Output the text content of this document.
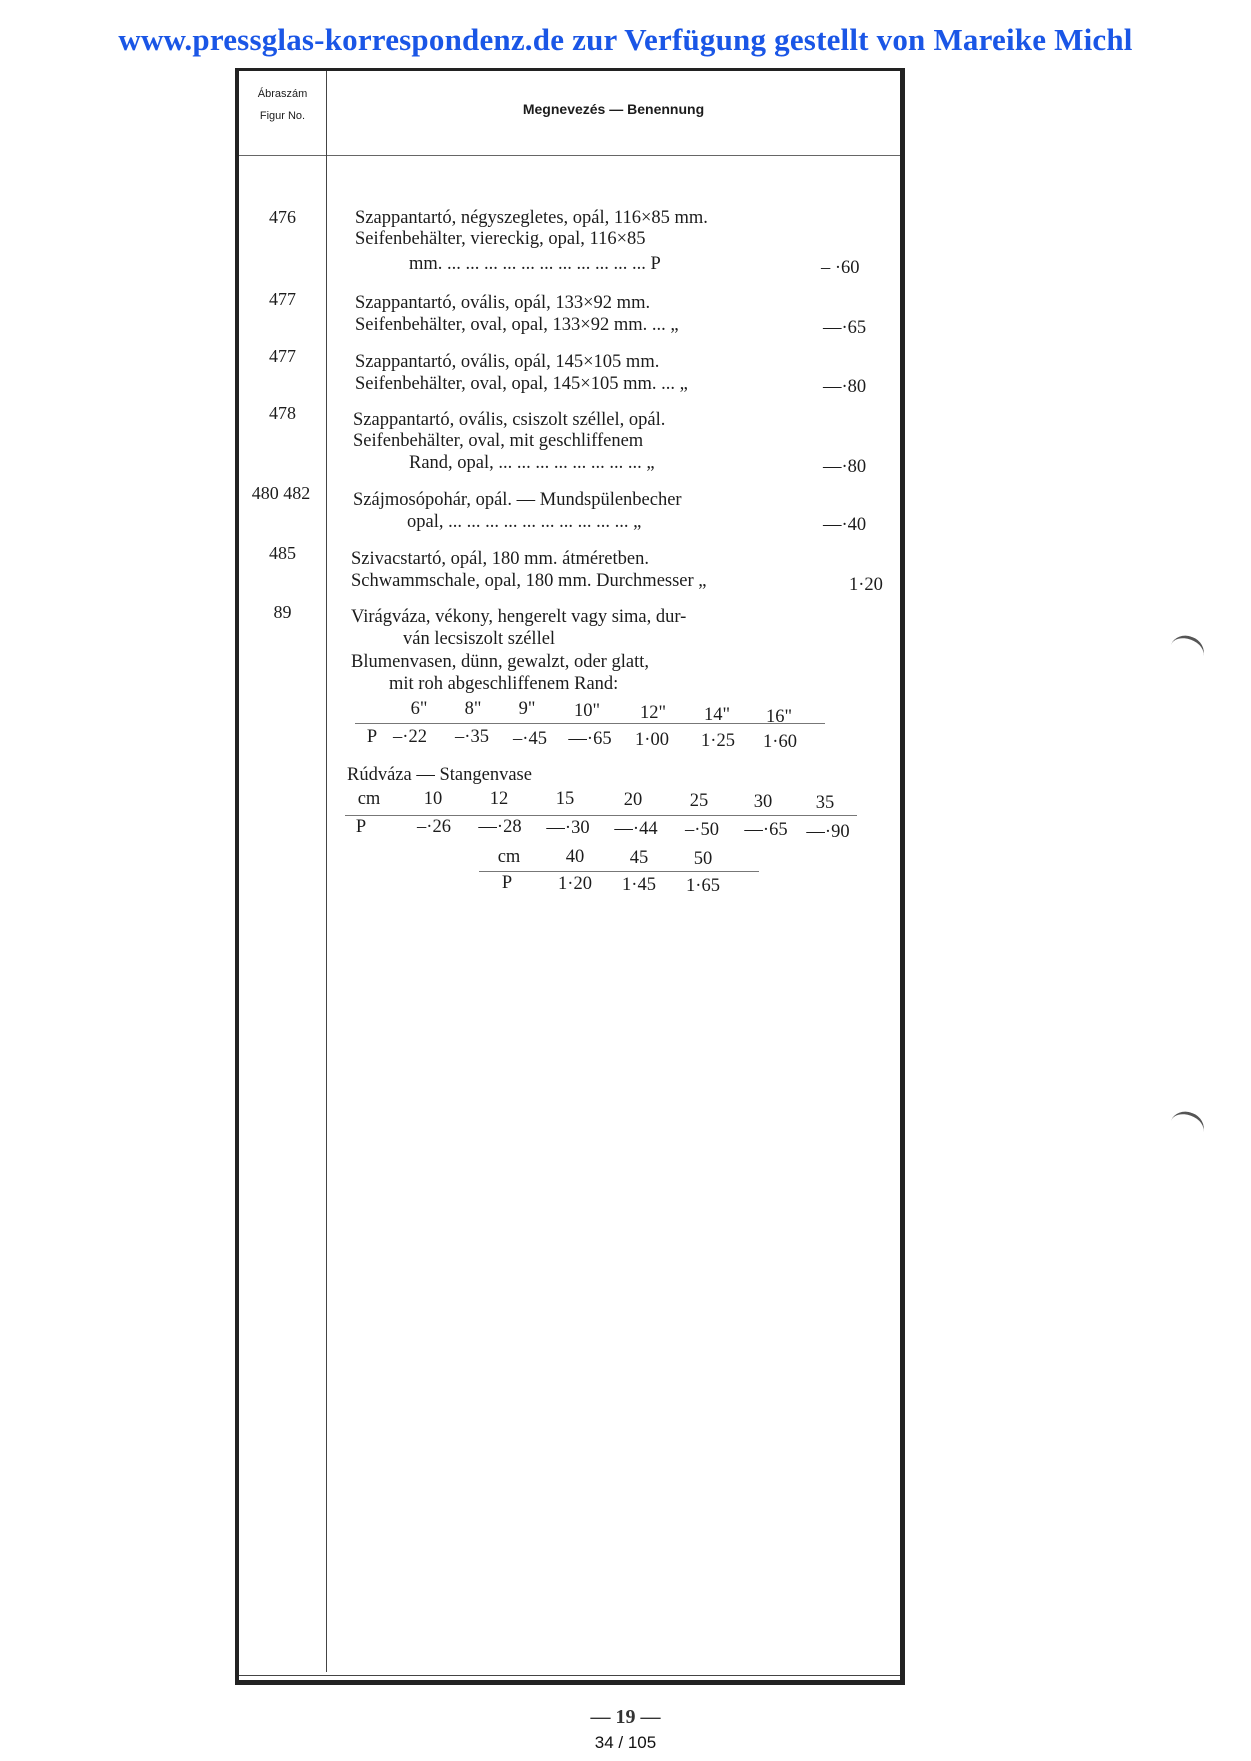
www.pressglas-korrespondenz.de zur Verfügung gestellt von Mareike Michl
Ábraszám
Figur No.	Megnevezés — Benennung
476	Szappantartó, négyszegletes, opál, 116×85 mm.
Seifenbehälter, viereckig, opal, 116×85
mm. ... ... ... ... ... ... ... ... ... ... ... P	– ·60
477	Szappantartó, ovális, opál, 133×92 mm.
Seifenbehälter, oval, opal, 133×92 mm. ... „	—·65
477	Szappantartó, ovális, opál, 145×105 mm.
Seifenbehälter, oval, opal, 145×105 mm. ... „	—·80
478	Szappantartó, ovális, csiszolt széllel, opál.
Seifenbehälter, oval, mit geschliffenem
Rand, opal, ... ... ... ... ... ... ... ... „	—·80
480 482	Szájmosópohár, opál. — Mundspülenbecher
opal, ... ... ... ... ... ... ... ... ... ... „	—·40
485	Szivacstartó, opál, 180 mm. átméretben.
Schwammschale, opal, 180 mm. Durchmesser „	1·20
89	Virágváza, vékony, hengerelt vagy sima, dur-
ván lecsiszolt széllel
Blumenvasen, dünn, gewalzt, oder glatt,
mit roh abgeschliffenem Rand:
6"	8"	9"	10"	12"	14"	16"
P –·22	–·35	–·45	—·65	1·00	1·25	1·60
Rúdváza — Stangenvase
cm	10	12	15	20	25	30	35
P	–·26	—·28	—·30	—·44	–·50	—·65	—·90
cm	40	45	50
P	1·20	1·45	1·65
— 19 —
34 / 105
